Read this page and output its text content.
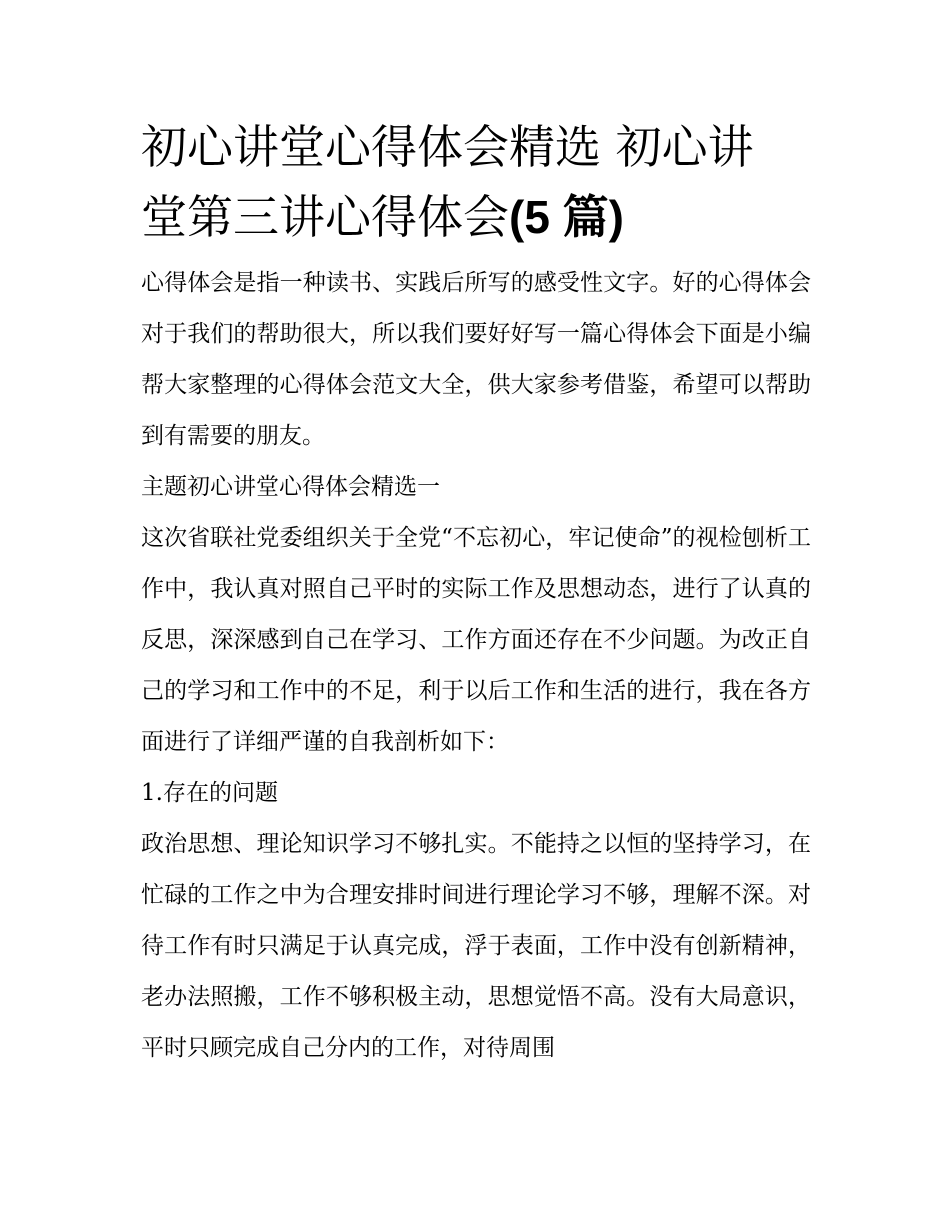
初心讲堂心得体会精选 初心讲
堂第三讲心得体会(5 篇)

心得体会是指一种读书、实践后所写的感受性文字。好的心得体会对于我们的帮助很大，所以我们要好好写一篇心得体会下面是小编帮大家整理的心得体会范文大全，供大家参考借鉴，希望可以帮助到有需要的朋友。

主题初心讲堂心得体会精选一

这次省联社党委组织关于全党“不忘初心，牢记使命”的视检刨析工作中，我认真对照自己平时的实际工作及思想动态，进行了认真的反思，深深感到自己在学习、工作方面还存在不少问题。为改正自己的学习和工作中的不足，利于以后工作和生活的进行，我在各方面进行了详细严谨的自我剖析如下：

1.存在的问题

政治思想、理论知识学习不够扎实。不能持之以恒的坚持学习，在忙碌的工作之中为合理安排时间进行理论学习不够，理解不深。对待工作有时只满足于认真完成，浮于表面，工作中没有创新精神，老办法照搬，工作不够积极主动，思想觉悟不高。没有大局意识，平时只顾完成自己分内的工作，对待周围
